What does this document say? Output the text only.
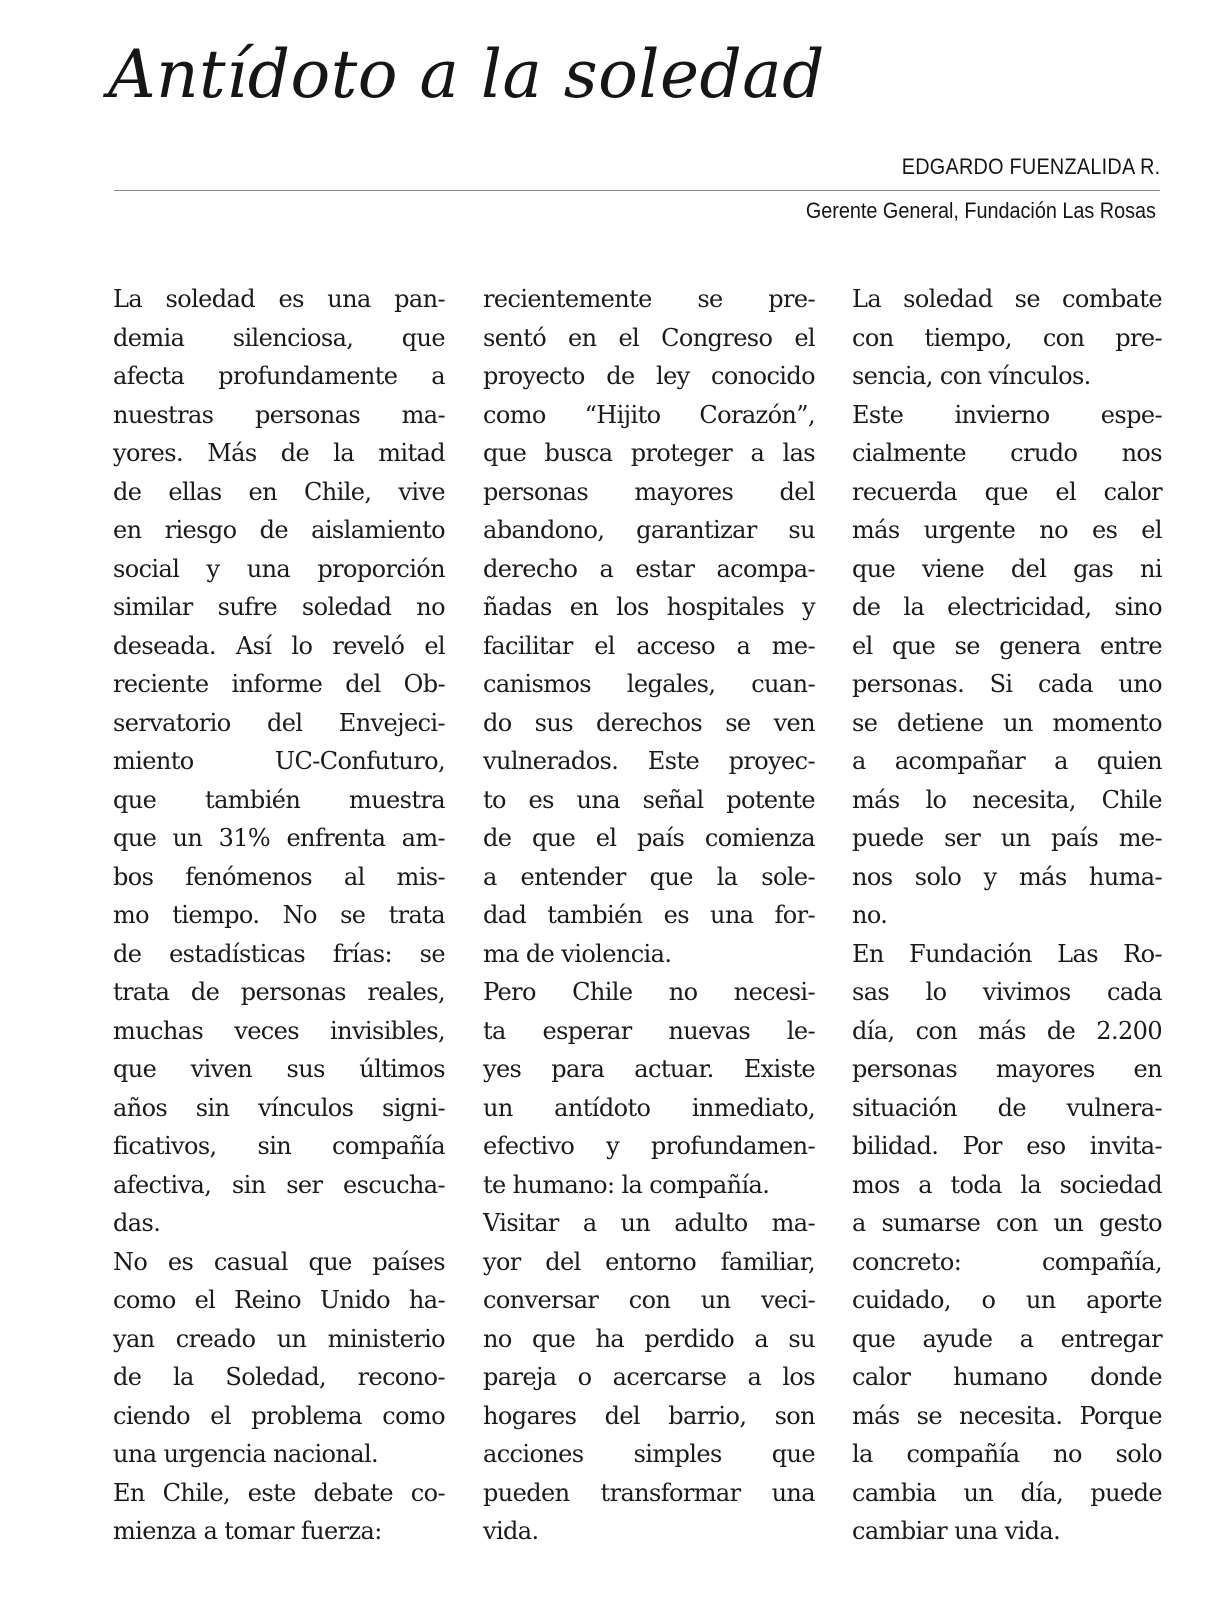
Antídoto a la soledad
EDGARDO FUENZALIDA R.
Gerente General, Fundación Las Rosas
La soledad es una pan-
demia silenciosa, que
afecta profundamente a
nuestras personas ma-
yores. Más de la mitad
de ellas en Chile, vive
en riesgo de aislamiento
social y una proporción
similar sufre soledad no
deseada. Así lo reveló el
reciente informe del Ob-
servatorio del Envejeci-
miento UC-Confuturo,
que también muestra
que un 31% enfrenta am-
bos fenómenos al mis-
mo tiempo. No se trata
de estadísticas frías: se
trata de personas reales,
muchas veces invisibles,
que viven sus últimos
años sin vínculos signi-
ficativos, sin compañía
afectiva, sin ser escucha-
das.
No es casual que países
como el Reino Unido ha-
yan creado un ministerio
de la Soledad, recono-
ciendo el problema como
una urgencia nacional.
En Chile, este debate co-
mienza a tomar fuerza:
recientemente se pre-
sentó en el Congreso el
proyecto de ley conocido
como “Hijito Corazón”,
que busca proteger a las
personas mayores del
abandono, garantizar su
derecho a estar acompa-
ñadas en los hospitales y
facilitar el acceso a me-
canismos legales, cuan-
do sus derechos se ven
vulnerados. Este proyec-
to es una señal potente
de que el país comienza
a entender que la sole-
dad también es una for-
ma de violencia.
Pero Chile no necesi-
ta esperar nuevas le-
yes para actuar. Existe
un antídoto inmediato,
efectivo y profundamen-
te humano: la compañía.
Visitar a un adulto ma-
yor del entorno familiar,
conversar con un veci-
no que ha perdido a su
pareja o acercarse a los
hogares del barrio, son
acciones simples que
pueden transformar una
vida.
La soledad se combate
con tiempo, con pre-
sencia, con vínculos.
Este invierno espe-
cialmente crudo nos
recuerda que el calor
más urgente no es el
que viene del gas ni
de la electricidad, sino
el que se genera entre
personas. Si cada uno
se detiene un momento
a acompañar a quien
más lo necesita, Chile
puede ser un país me-
nos solo y más huma-
no.
En Fundación Las Ro-
sas lo vivimos cada
día, con más de 2.200
personas mayores en
situación de vulnera-
bilidad. Por eso invita-
mos a toda la sociedad
a sumarse con un gesto
concreto: compañía,
cuidado, o un aporte
que ayude a entregar
calor humano donde
más se necesita. Porque
la compañía no solo
cambia un día, puede
cambiar una vida.
